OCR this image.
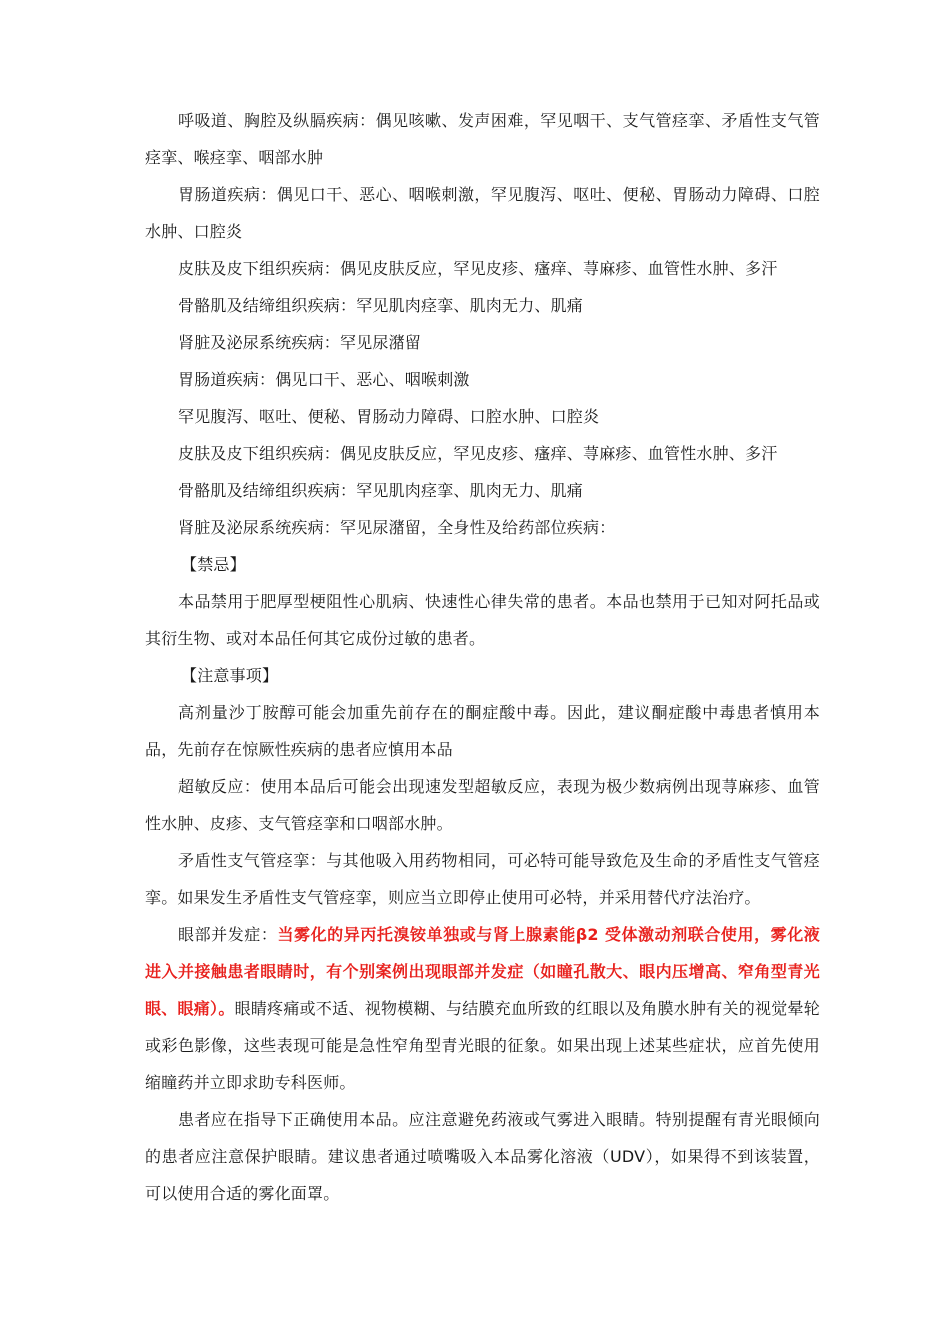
呼吸道、胸腔及纵膈疾病：偶见咳嗽、发声困难，罕见咽干、支气管痉挛、矛盾性支气管痉挛、喉痉挛、咽部水肿

胃肠道疾病：偶见口干、恶心、咽喉刺激，罕见腹泻、呕吐、便秘、胃肠动力障碍、口腔水肿、口腔炎

皮肤及皮下组织疾病：偶见皮肤反应，罕见皮疹、瘙痒、荨麻疹、血管性水肿、多汗

骨骼肌及结缔组织疾病：罕见肌肉痉挛、肌肉无力、肌痛

肾脏及泌尿系统疾病：罕见尿潴留

胃肠道疾病：偶见口干、恶心、咽喉刺激

罕见腹泻、呕吐、便秘、胃肠动力障碍、口腔水肿、口腔炎

皮肤及皮下组织疾病：偶见皮肤反应，罕见皮疹、瘙痒、荨麻疹、血管性水肿、多汗

骨骼肌及结缔组织疾病：罕见肌肉痉挛、肌肉无力、肌痛

肾脏及泌尿系统疾病：罕见尿潴留，全身性及给药部位疾病：

【禁忌】

本品禁用于肥厚型梗阻性心肌病、快速性心律失常的患者。本品也禁用于已知对阿托品或其衍生物、或对本品任何其它成份过敏的患者。

【注意事项】

高剂量沙丁胺醇可能会加重先前存在的酮症酸中毒。因此，建议酮症酸中毒患者慎用本品，先前存在惊厥性疾病的患者应慎用本品

超敏反应：使用本品后可能会出现速发型超敏反应，表现为极少数病例出现荨麻疹、血管性水肿、皮疹、支气管痉挛和口咽部水肿。

矛盾性支气管痉挛：与其他吸入用药物相同，可必特可能导致危及生命的矛盾性支气管痉挛。如果发生矛盾性支气管痉挛，则应当立即停止使用可必特，并采用替代疗法治疗。

眼部并发症：当雾化的异丙托溴铵单独或与肾上腺素能β2 受体激动剂联合使用，雾化液进入并接触患者眼睛时，有个别案例出现眼部并发症（如瞳孔散大、眼内压增高、窄角型青光眼、眼痛）。眼睛疼痛或不适、视物模糊、与结膜充血所致的红眼以及角膜水肿有关的视觉晕轮或彩色影像，这些表现可能是急性窄角型青光眼的征象。如果出现上述某些症状，应首先使用缩瞳药并立即求助专科医师。

患者应在指导下正确使用本品。应注意避免药液或气雾进入眼睛。特别提醒有青光眼倾向的患者应注意保护眼睛。建议患者通过喷嘴吸入本品雾化溶液（UDV），如果得不到该装置，可以使用合适的雾化面罩。
